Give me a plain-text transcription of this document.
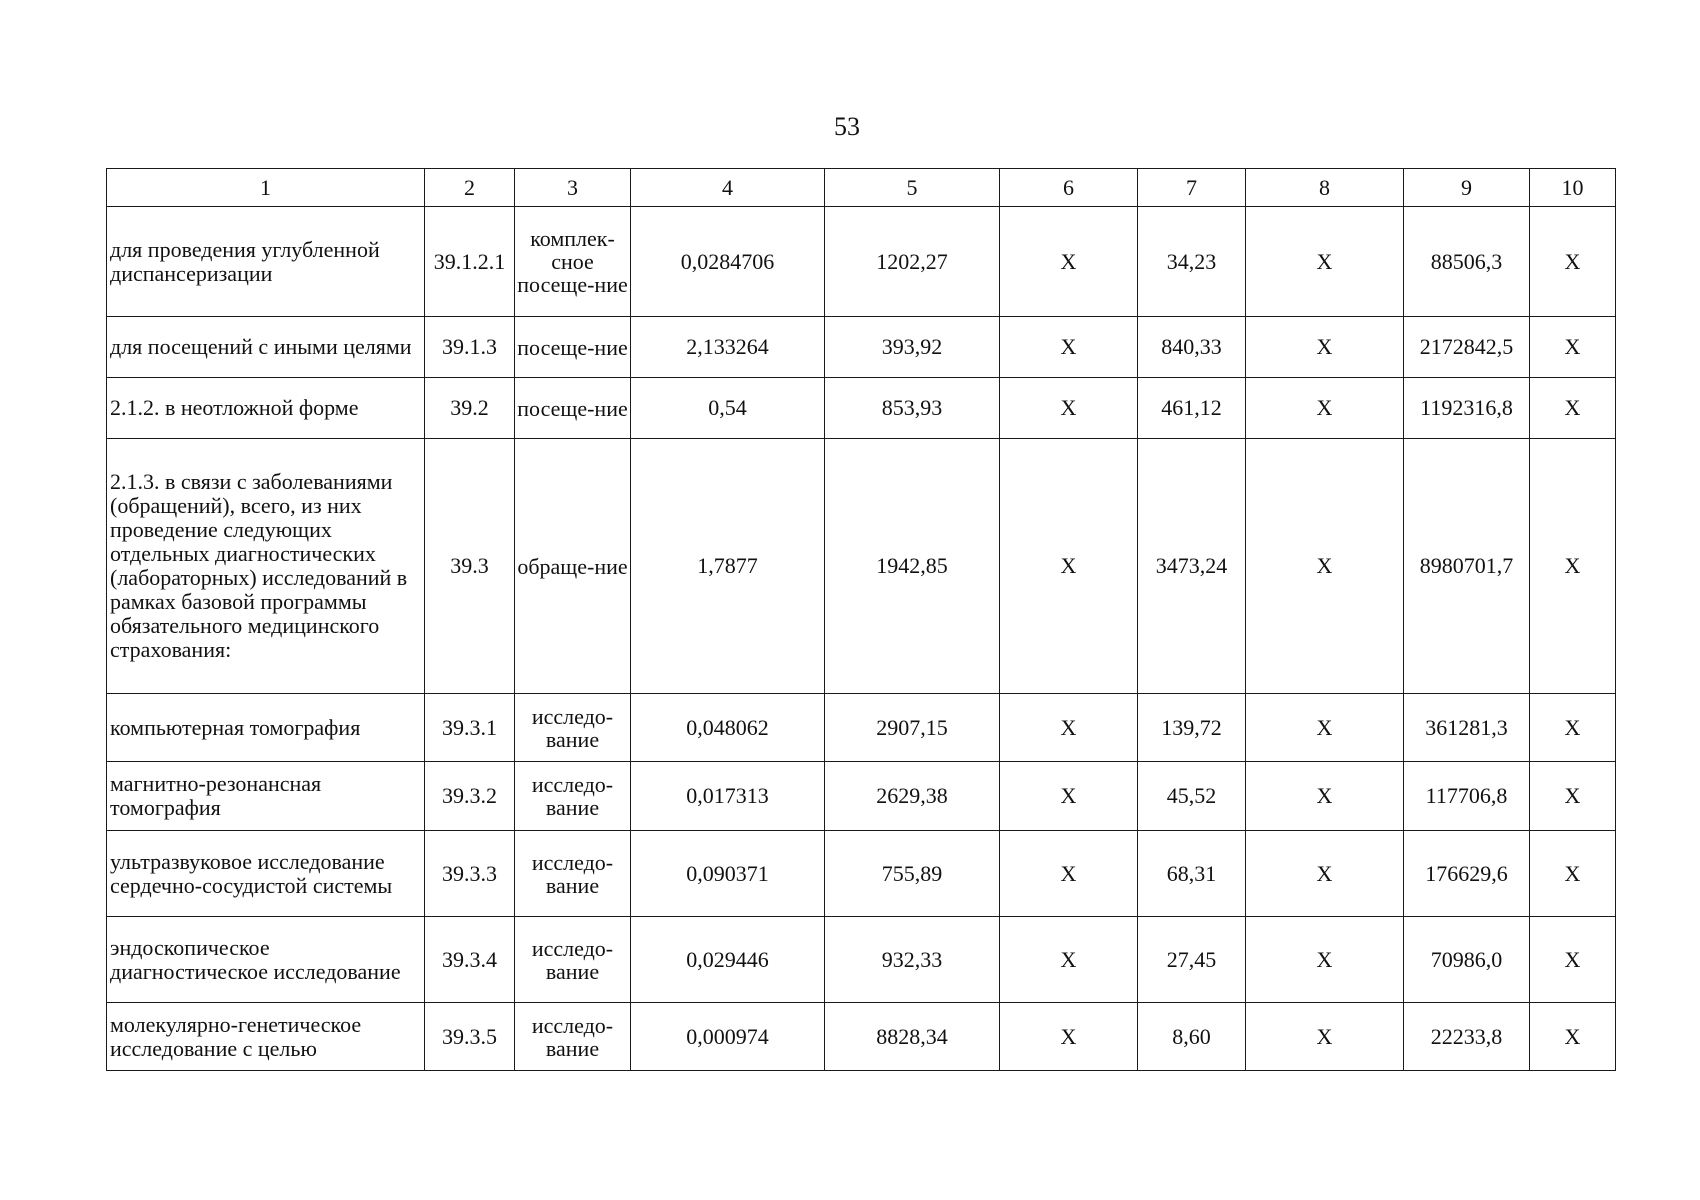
53
1	2	3	4	5	6	7	8	9	10
для проведения углубленной диспансеризации	39.1.2.1	комплек-сное посеще-ние	0,0284706	1202,27	X	34,23	X	88506,3	X
для посещений с иными целями	39.1.3	посеще-ние	2,133264	393,92	X	840,33	X	2172842,5	X
2.1.2. в неотложной форме	39.2	посеще-ние	0,54	853,93	X	461,12	X	1192316,8	X
2.1.3. в связи с заболеваниями (обращений), всего, из них проведение следующих отдельных диагностических (лабораторных) исследований в рамках базовой программы обязательного медицинского страхования:	39.3	обраще-ние	1,7877	1942,85	X	3473,24	X	8980701,7	X
компьютерная томография	39.3.1	исследо-вание	0,048062	2907,15	X	139,72	X	361281,3	X
магнитно-резонансная томография	39.3.2	исследо-вание	0,017313	2629,38	X	45,52	X	117706,8	X
ультразвуковое исследование сердечно-сосудистой системы	39.3.3	исследо-вание	0,090371	755,89	X	68,31	X	176629,6	X
эндоскопическое диагностическое исследование	39.3.4	исследо-вание	0,029446	932,33	X	27,45	X	70986,0	X
молекулярно-генетическое исследование с целью	39.3.5	исследо-вание	0,000974	8828,34	X	8,60	X	22233,8	X
